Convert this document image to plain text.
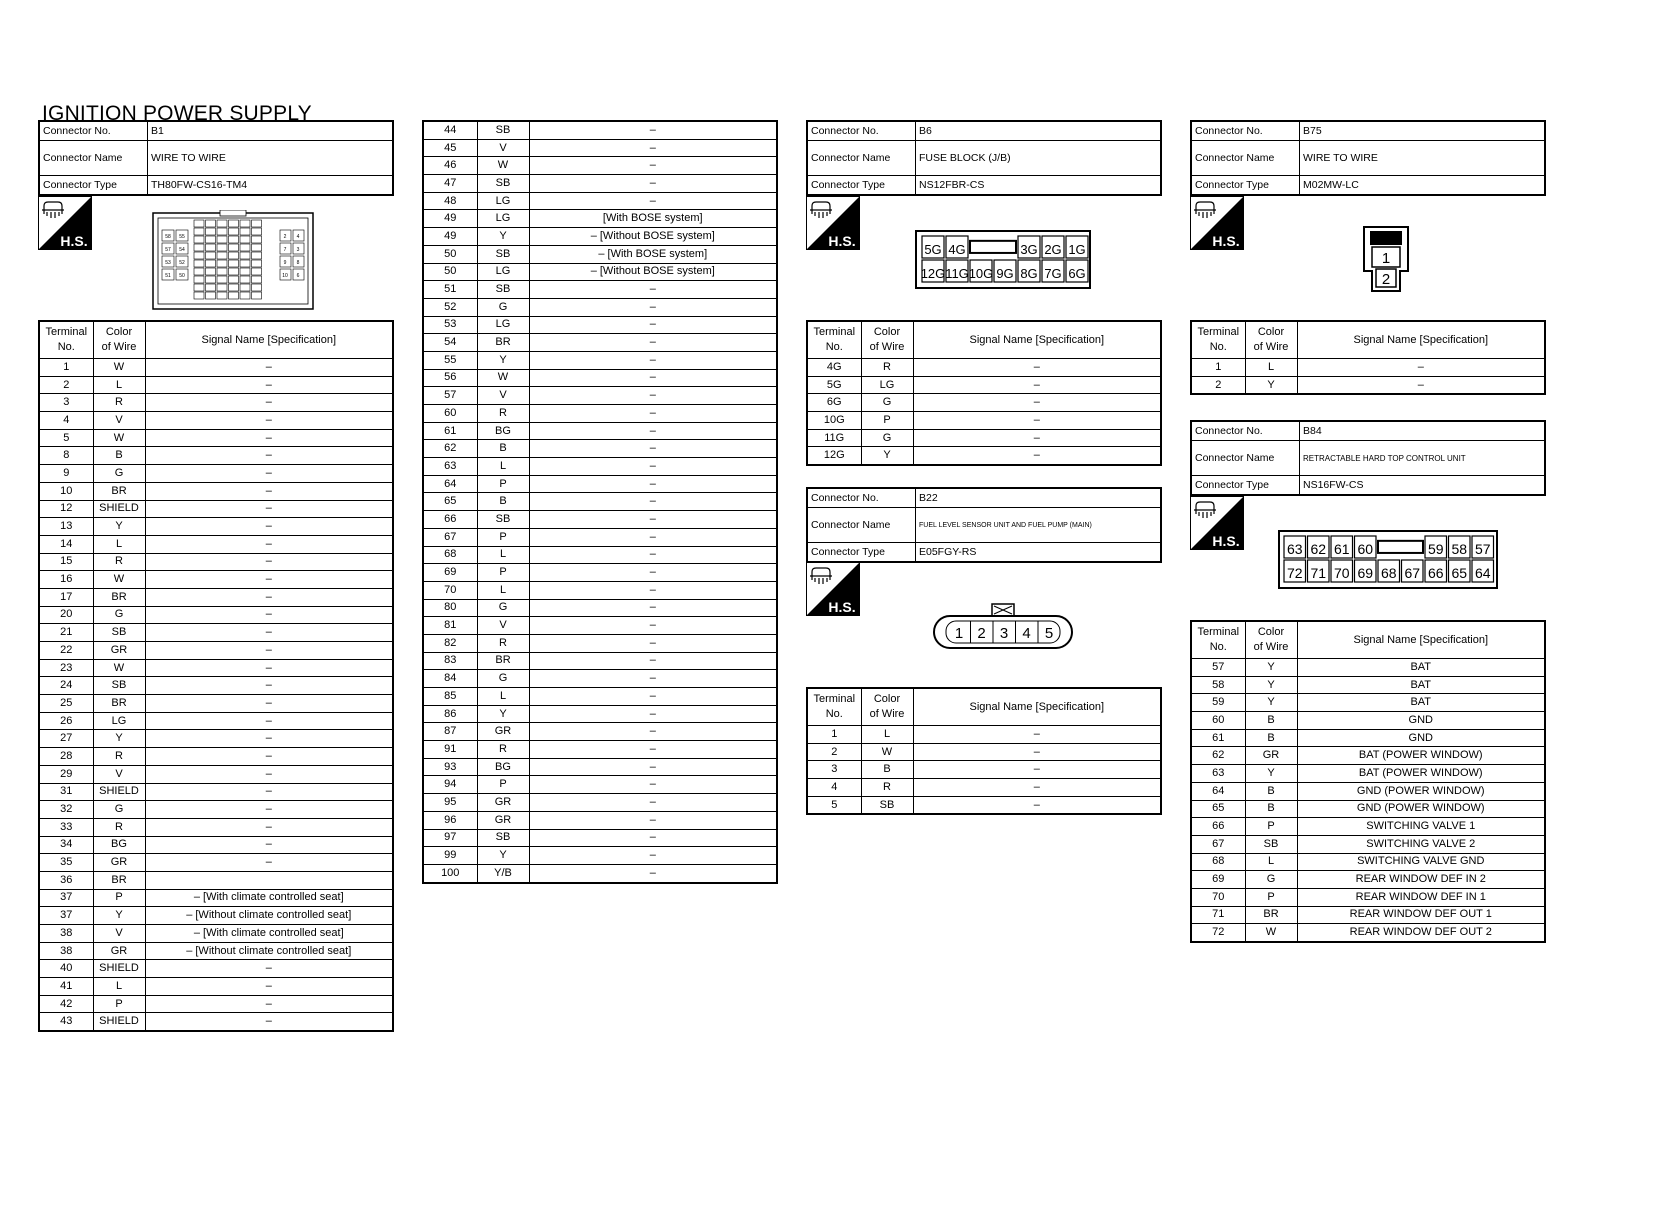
IGNITION POWER SUPPLY
Connector No.	B1
Connector Name	WIRE TO WIRE
Connector Type	TH80FW-CS16-TM4
H.S.	58 55
57 54
53 52
51 50
2 4
7 3
9 8
10 6
Terminal
No.	Color
of Wire	Signal Name [Specification]
1	W	–
2	L	–
3	R	–
4	V	–
5	W	–
8	B	–
9	G	–
10	BR	–
12	SHIELD	–
13	Y	–
14	L	–
15	R	–
16	W	–
17	BR	–
20	G	–
21	SB	–
22	GR	–
23	W	–
24	SB	–
25	BR	–
26	LG	–
27	Y	–
28	R	–
29	V	–
31	SHIELD	–
32	G	–
33	R	–
34	BG	–
35	GR	–
36	BR	
37	P	– [With climate controlled seat]
37	Y	– [Without climate controlled seat]
38	V	– [With climate controlled seat]
38	GR	– [Without climate controlled seat]
40	SHIELD	–
41	L	–
42	P	–
43	SHIELD	–
44	SB	–
45	V	–
46	W	–
47	SB	–
48	LG	–
49	LG	[With BOSE system]
49	Y	– [Without BOSE system]
50	SB	– [With BOSE system]
50	LG	– [Without BOSE system]
51	SB	–
52	G	–
53	LG	–
54	BR	–
55	Y	–
56	W	–
57	V	–
60	R	–
61	BG	–
62	B	–
63	L	–
64	P	–
65	B	–
66	SB	–
67	P	–
68	L	–
69	P	–
70	L	–
80	G	–
81	V	–
82	R	–
83	BR	–
84	G	–
85	L	–
86	Y	–
87	GR	–
91	R	–
93	BG	–
94	P	–
95	GR	–
96	GR	–
97	SB	–
99	Y	–
100	Y/B	–
Connector No.	B6
Connector Name	FUSE BLOCK (J/B)
Connector Type	NS12FBR-CS
H.S.
5G 4G	3G 2G 1G
12G 11G 10G 9G 8G 7G 6G
Terminal
No.	Color
of Wire	Signal Name [Specification]
4G	R	–
5G	LG	–
6G	G	–
10G	P	–
11G	G	–
12G	Y	–
Connector No.	B22
Connector Name	FUEL LEVEL SENSOR UNIT AND FUEL PUMP (MAIN)
Connector Type	E05FGY-RS
H.S.
1 2 3 4 5
Terminal
No.	Color
of Wire	Signal Name [Specification]
1	L	–
2	W	–
3	B	–
4	R	–
5	SB	–
Connector No.	B75
Connector Name	WIRE TO WIRE
Connector Type	M02MW-LC
H.S.
1
2
Terminal
No.	Color
of Wire	Signal Name [Specification]
1	L	–
2	Y	–
Connector No.	B84
Connector Name	RETRACTABLE HARD TOP CONTROL UNIT
Connector Type	NS16FW-CS
H.S.	63 62 61 60	59 58 57
72 71 70 69 68 67 66 65 64
Terminal
No.	Color
of Wire	Signal Name [Specification]
57	Y	BAT
58	Y	BAT
59	Y	BAT
60	B	GND
61	B	GND
62	GR	BAT (POWER WINDOW)
63	Y	BAT (POWER WINDOW)
64	B	GND (POWER WINDOW)
65	B	GND (POWER WINDOW)
66	P	SWITCHING VALVE 1
67	SB	SWITCHING VALVE 2
68	L	SWITCHING VALVE GND
69	G	REAR WINDOW DEF IN 2
70	P	REAR WINDOW DEF IN 1
71	BR	REAR WINDOW DEF OUT 1
72	W	REAR WINDOW DEF OUT 2
